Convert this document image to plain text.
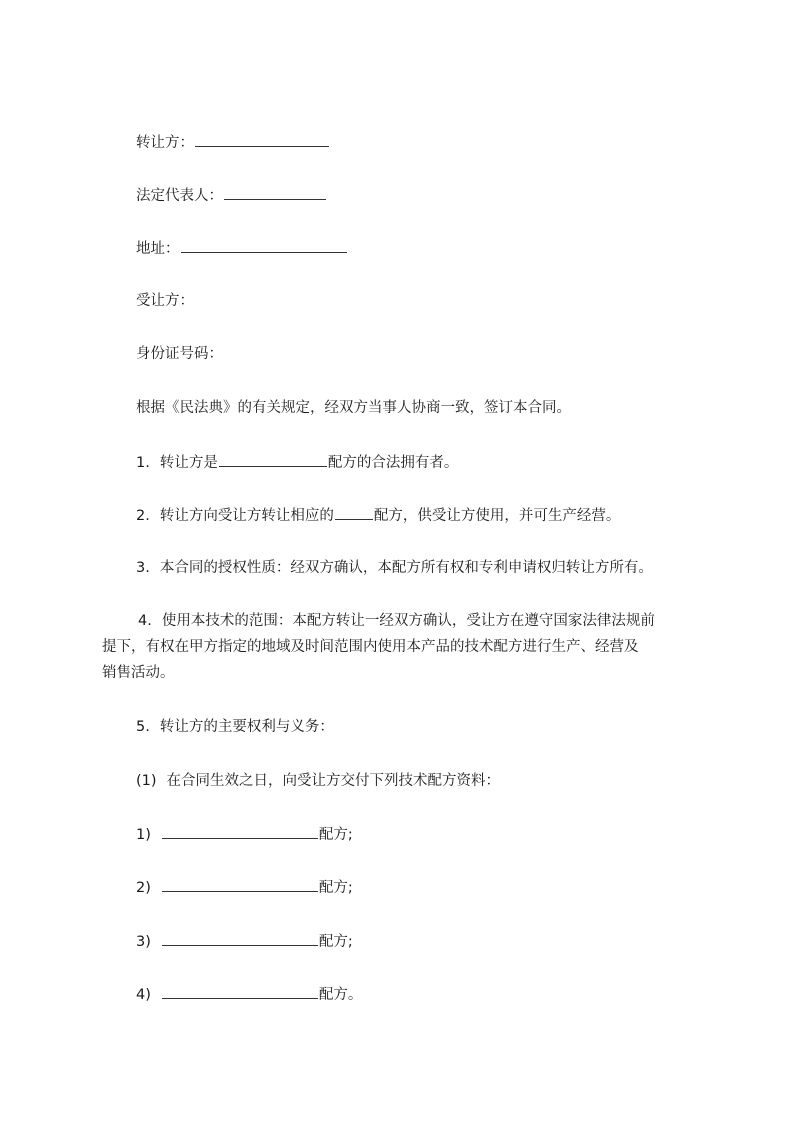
转让方：
法定代表人：
地址：
受让方：
身份证号码：
根据《民法典》的有关规定，经双方当事人协商一致，签订本合同。
1. 转让方是	配方的合法拥有者。
2. 转让方向受让方转让相应的	配方，供受让方使用，并可生产经营。
3. 本合同的授权性质：经双方确认，本配方所有权和专利申请权归转让方所有。
4. 使用本技术的范围：本配方转让一经双方确认，受让方在遵守国家法律法规前
提下，有权在甲方指定的地域及时间范围内使用本产品的技术配方进行生产、经营及
销售活动。
5. 转让方的主要权利与义务：
(1) 在合同生效之日，向受让方交付下列技术配方资料：
1)	配方;
2)	配方;
3)	配方;
4)	配方。
